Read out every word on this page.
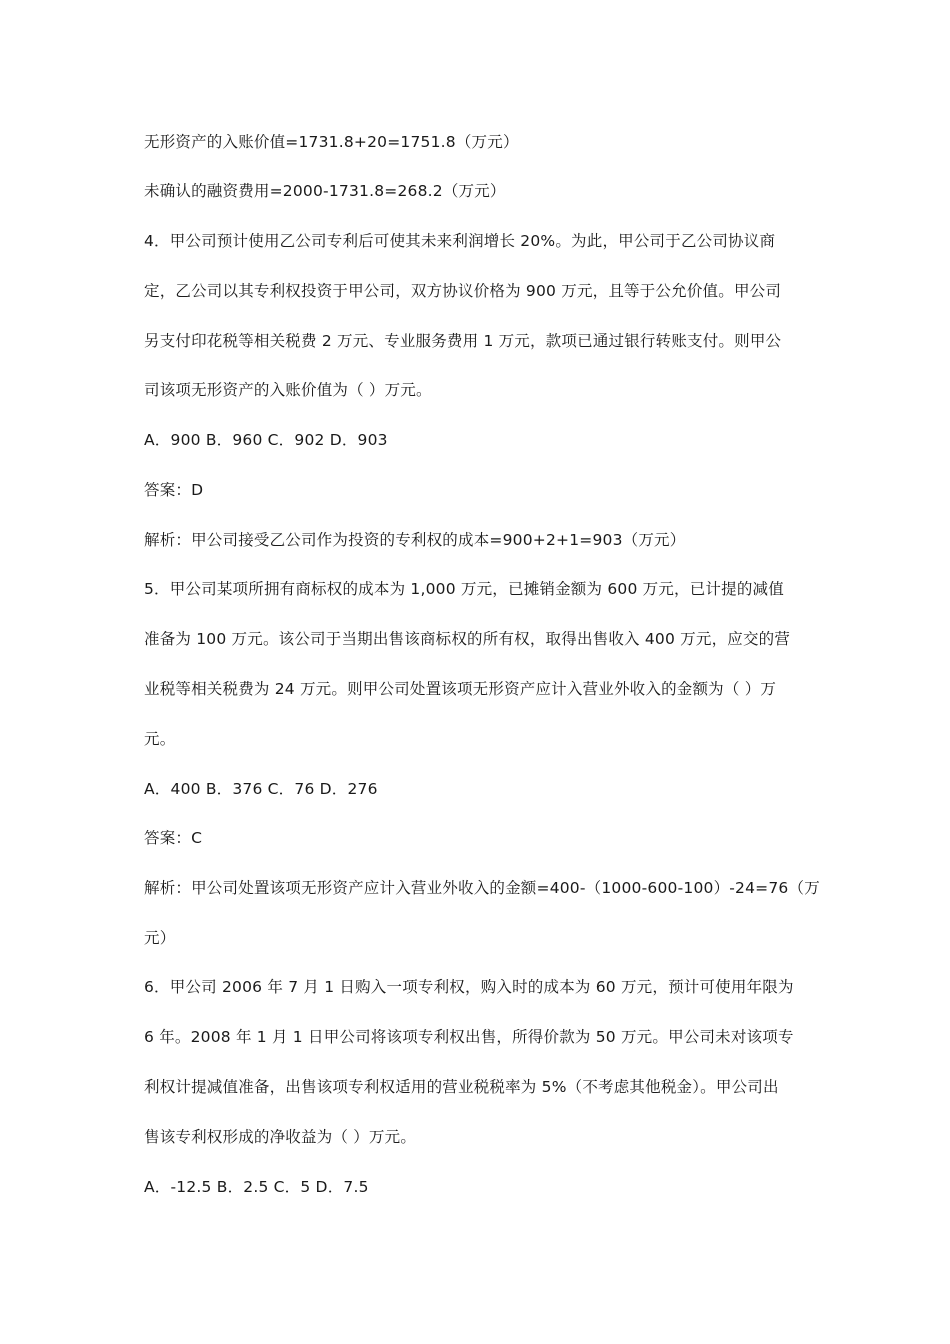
无形资产的入账价值=1731.8+20=1751.8（万元）
未确认的融资费用=2000-1731.8=268.2（万元）
4．甲公司预计使用乙公司专利后可使其未来利润增长 20%。为此，甲公司于乙公司协议商
定，乙公司以其专利权投资于甲公司，双方协议价格为 900 万元，且等于公允价值。甲公司
另支付印花税等相关税费 2 万元、专业服务费用 1 万元，款项已通过银行转账支付。则甲公
司该项无形资产的入账价值为（ ）万元。
A．900 B．960 C．902 D．903
答案：D
解析：甲公司接受乙公司作为投资的专利权的成本=900+2+1=903（万元）
5．甲公司某项所拥有商标权的成本为 1,000 万元，已摊销金额为 600 万元，已计提的减值
准备为 100 万元。该公司于当期出售该商标权的所有权，取得出售收入 400 万元，应交的营
业税等相关税费为 24 万元。则甲公司处置该项无形资产应计入营业外收入的金额为（ ）万
元。
A．400 B．376 C．76 D．276
答案：C
解析：甲公司处置该项无形资产应计入营业外收入的金额=400-（1000-600-100）-24=76（万
元）
6．甲公司 2006 年 7 月 1 日购入一项专利权，购入时的成本为 60 万元，预计可使用年限为
6 年。2008 年 1 月 1 日甲公司将该项专利权出售，所得价款为 50 万元。甲公司未对该项专
利权计提减值准备，出售该项专利权适用的营业税税率为 5%（不考虑其他税金）。甲公司出
售该专利权形成的净收益为（ ）万元。
A．-12.5 B．2.5 C．5 D．7.5
